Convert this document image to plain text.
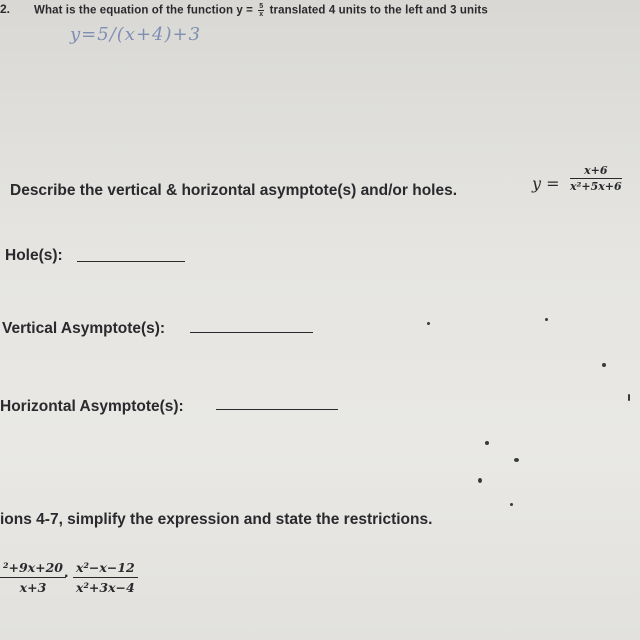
2. What is the equation of the function $y = \frac{5}{x}$ translated 4 units to the left and 3 units
y=5/(x+4)+3
Describe the vertical & horizontal asymptote(s) and/or holes.	$y = \frac{x+6}{\text{x²+5x+6}}$
Hole(s):
Vertical Asymptote(s):
Horizontal Asymptote(s):
ions 4-7, simplify the expression and state the restrictions.
$\frac{\text{²+9x+20}}{x+3}$
· $\frac{\text{x²−x−12}}{\text{x²+3x−4}}$
